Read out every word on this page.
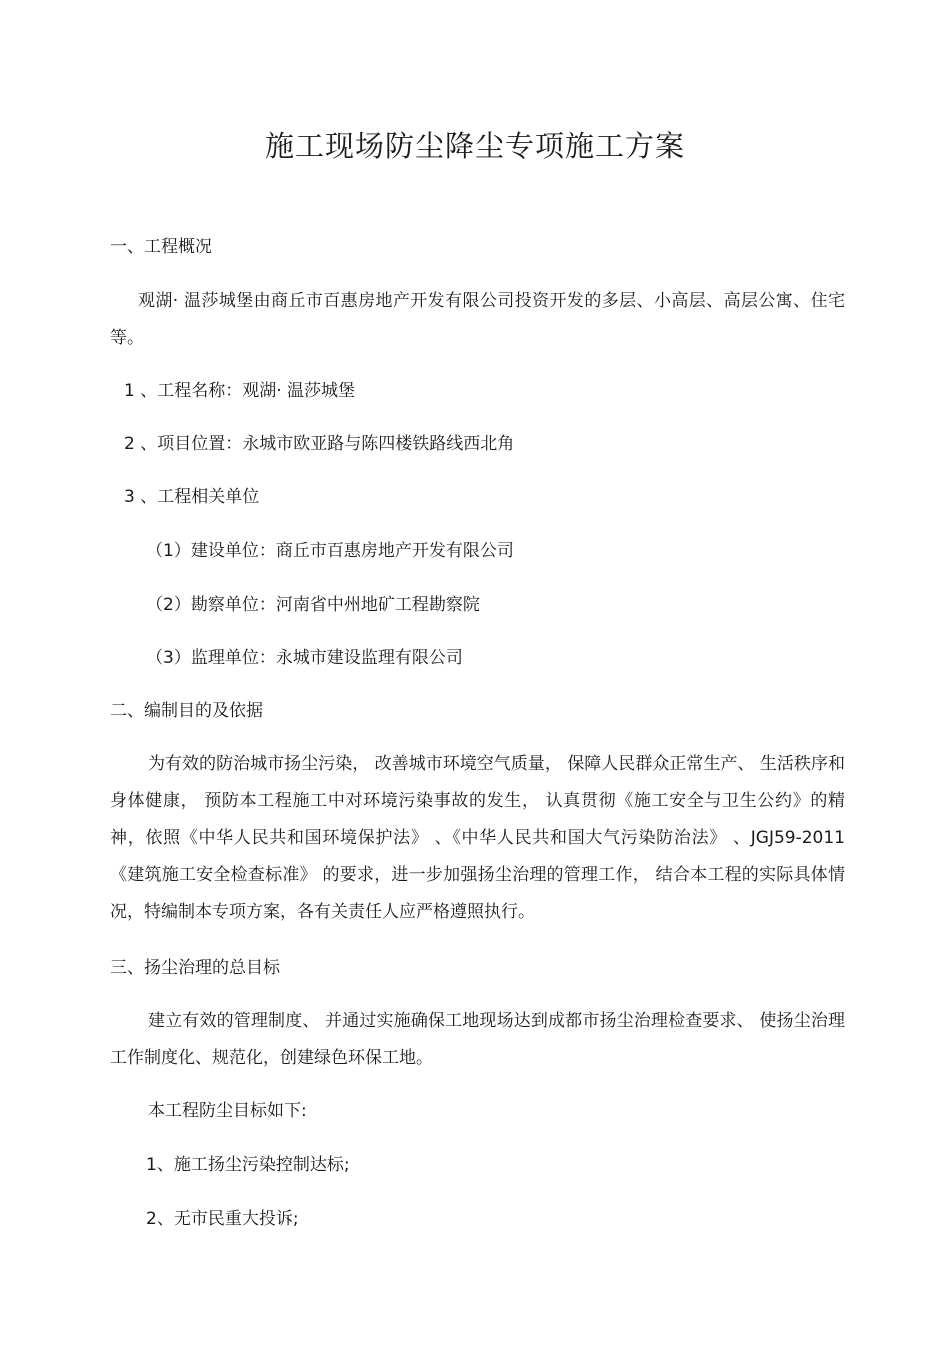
施工现场防尘降尘专项施工方案
一、工程概况
观湖· 温莎城堡由商丘市百惠房地产开发有限公司投资开发的多层、小高层、高层公寓、住宅等。
1 、工程名称：观湖· 温莎城堡
2 、项目位置：永城市欧亚路与陈四楼铁路线西北角
3 、工程相关单位
（1）建设单位：商丘市百惠房地产开发有限公司
（2）勘察单位：河南省中州地矿工程勘察院
（3）监理单位：永城市建设监理有限公司
二、编制目的及依据
为有效的防治城市扬尘污染， 改善城市环境空气质量， 保障人民群众正常生产、 生活秩序和身体健康， 预防本工程施工中对环境污染事故的发生， 认真贯彻《施工安全与卫生公约》的精神，依照《中华人民共和国环境保护法》 、《中华人民共和国大气污染防治法》 、JGJ59-2011《建筑施工安全检查标准》 的要求，进一步加强扬尘治理的管理工作， 结合本工程的实际具体情况，特编制本专项方案，各有关责任人应严格遵照执行。
三、扬尘治理的总目标
建立有效的管理制度、 并通过实施确保工地现场达到成都市扬尘治理检查要求、 使扬尘治理工作制度化、规范化，创建绿色环保工地。
本工程防尘目标如下:
1、施工扬尘污染控制达标;
2、无市民重大投诉;
